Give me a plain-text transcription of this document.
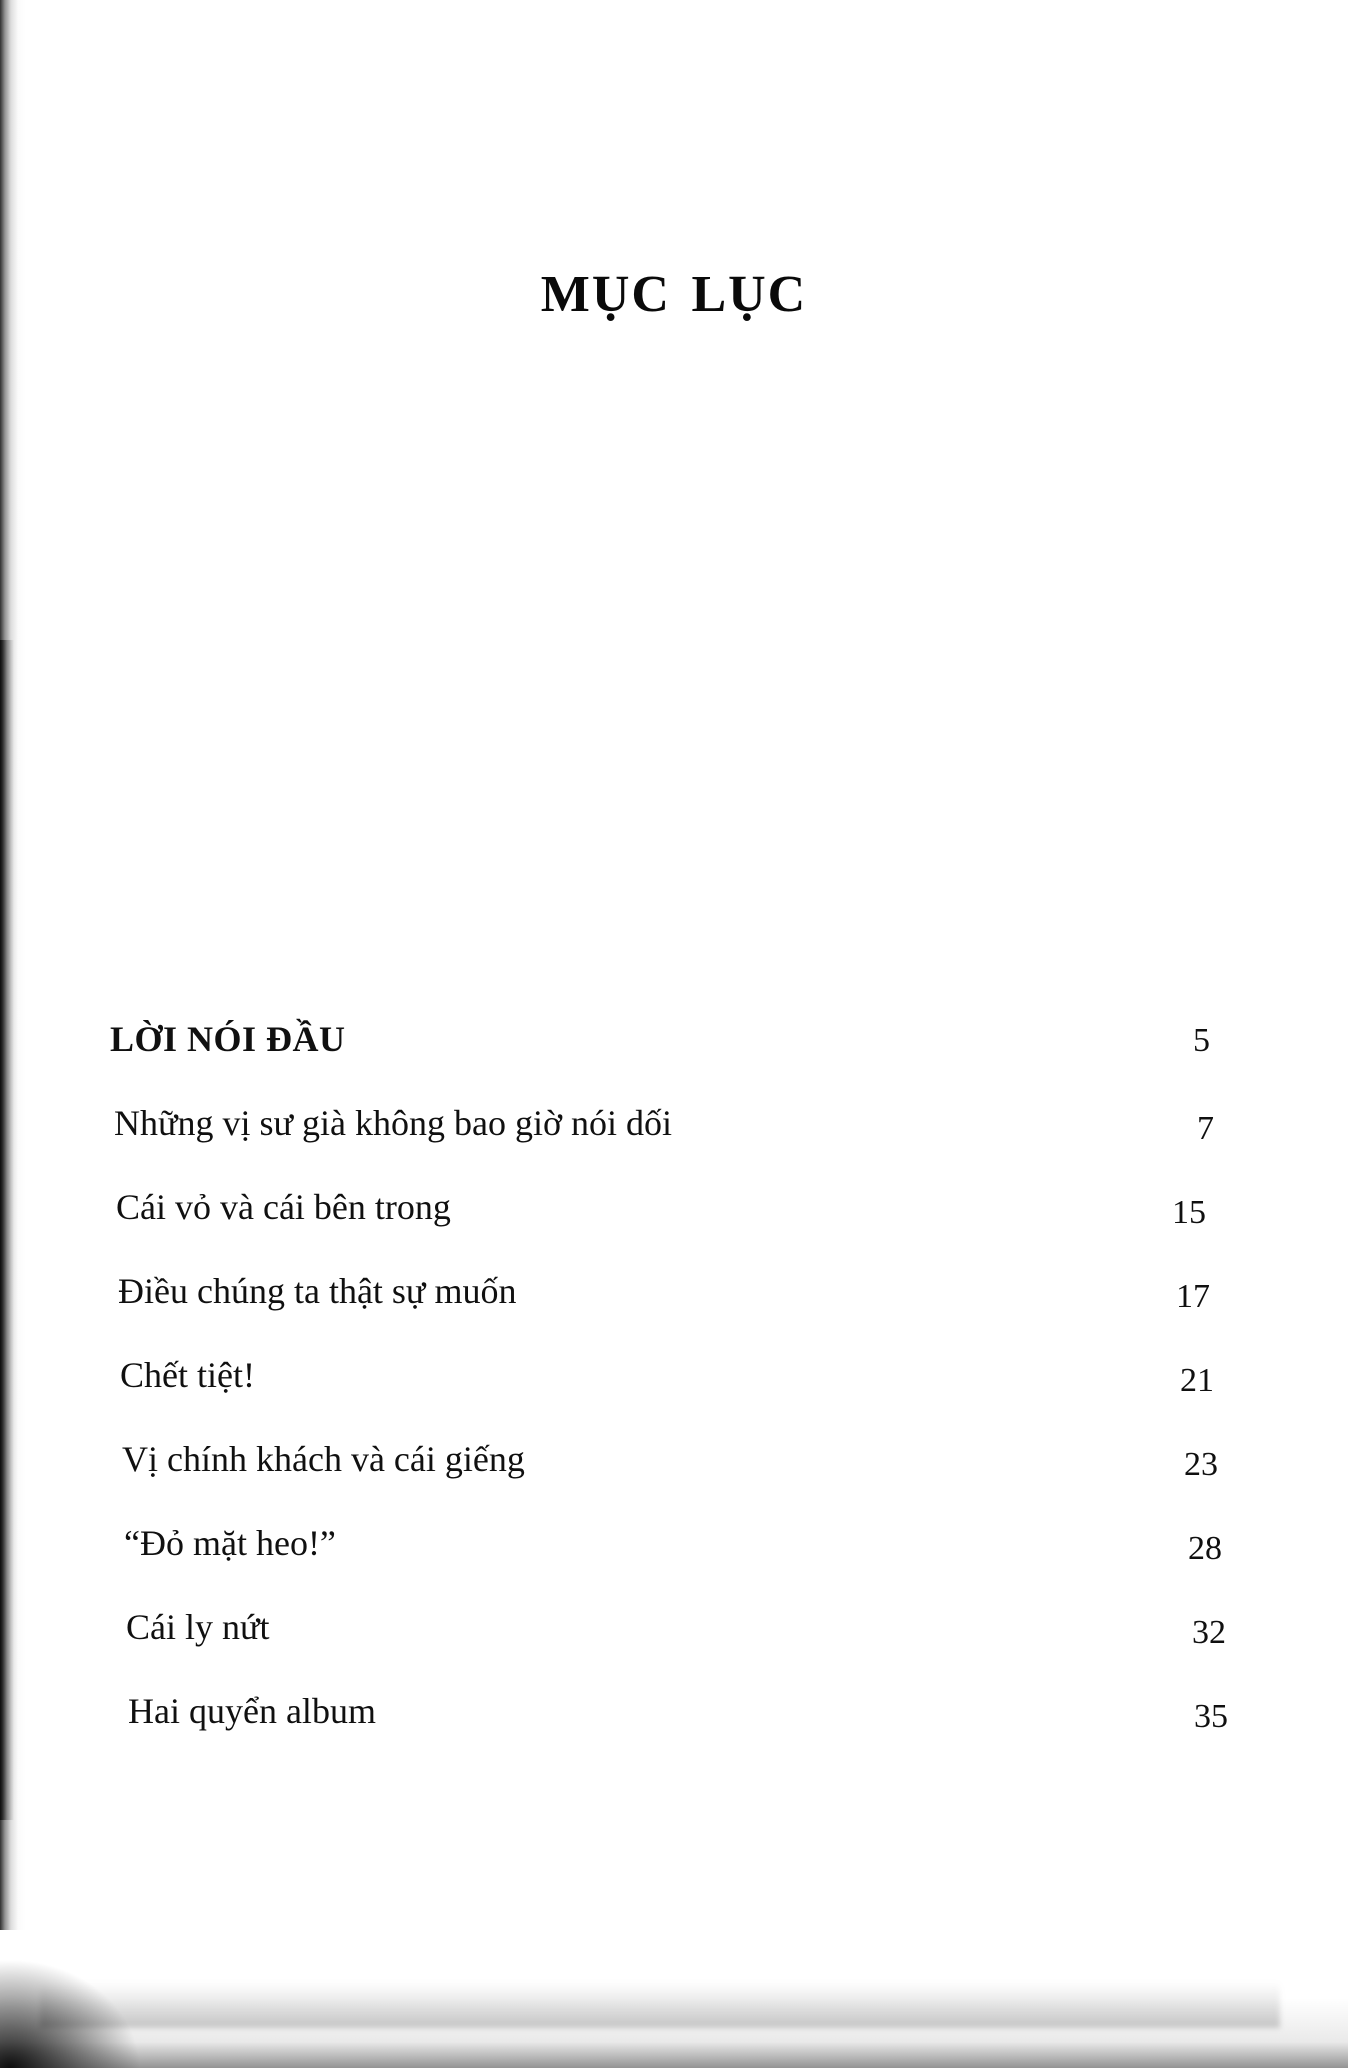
mục lục
LỜI NÓI ĐẦU	5
Những vị sư già không bao giờ nói dối	7
Cái vỏ và cái bên trong	15
Điều chúng ta thật sự muốn	17
Chết tiệt!	21
Vị chính khách và cái giếng	23
“Đỏ mặt heo!”	28
Cái ly nứt	32
Hai quyển album	35
